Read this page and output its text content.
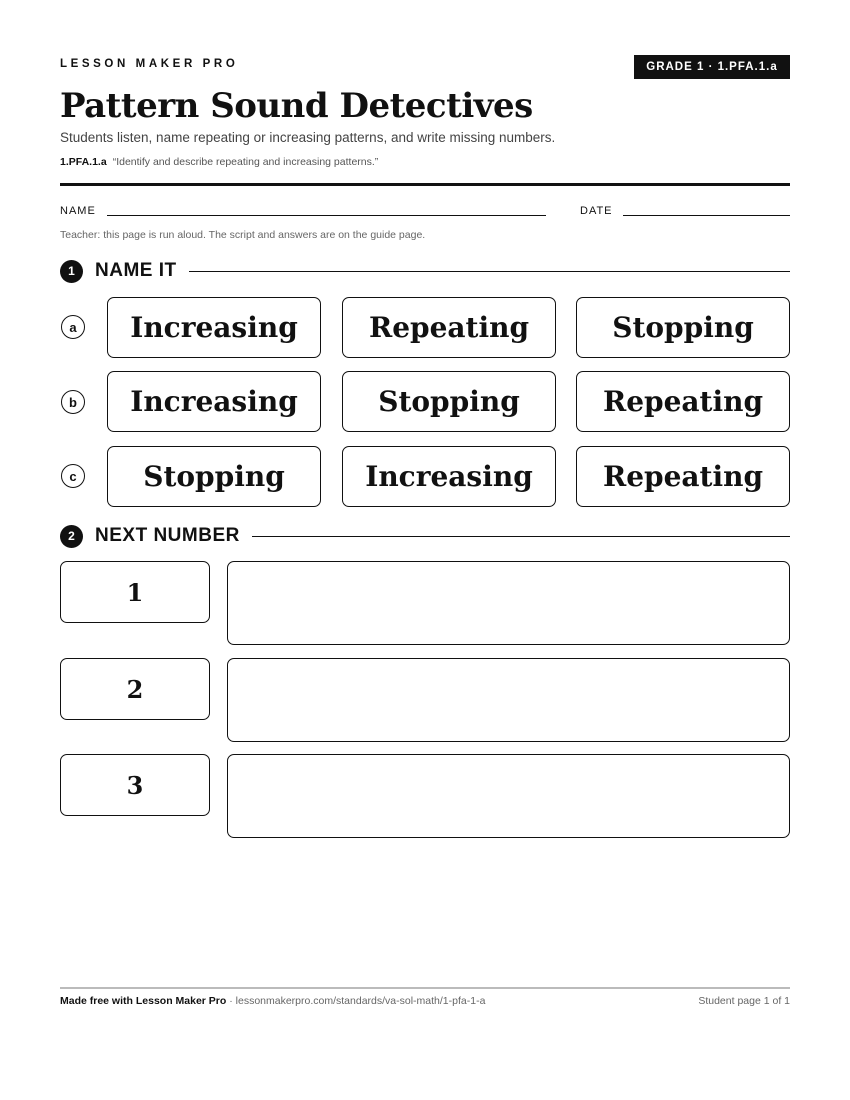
LESSON MAKER PRO	GRADE 1 · 1.PFA.1.a
Pattern Sound Detectives
Students listen, name repeating or increasing patterns, and write missing numbers.
1.PFA.1.a “Identify and describe repeating and increasing patterns.”
NAME	DATE
Teacher: this page is run aloud. The script and answers are on the guide page.
1	NAME IT
a	Increasing	Repeating	Stopping
b	Increasing	Stopping	Repeating
c	Stopping	Increasing	Repeating
2	NEXT NUMBER
1
2
3
Made free with Lesson Maker Pro · lessonmakerpro.com/standards/va-sol-math/1-pfa-1-a	Student page 1 of 1
